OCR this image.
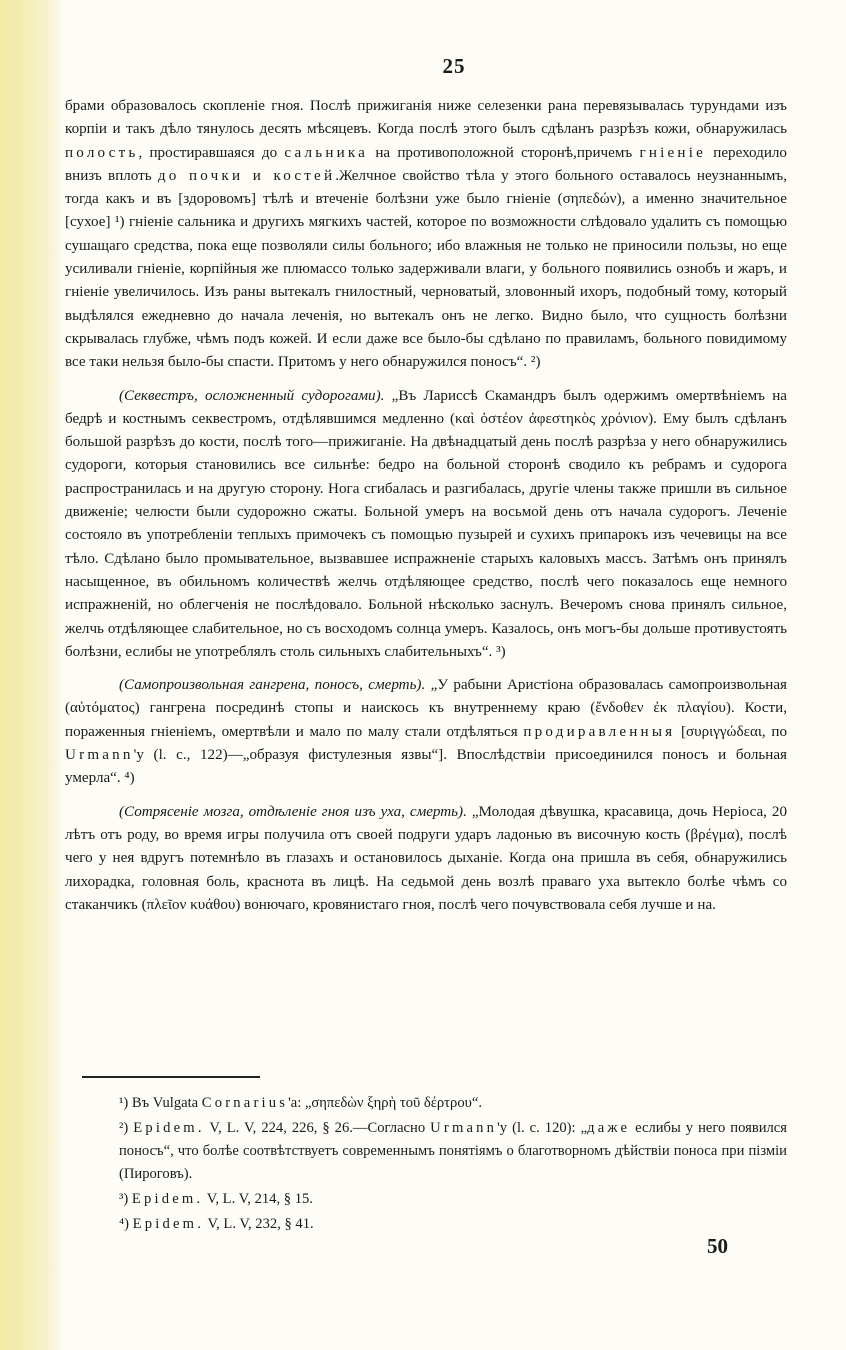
25

брами образовалось скопленіе гноя. Послѣ прижиганія ниже селезенки рана перевязывалась турундами изъ корпіи и такъ дѣло тянулось десять мѣсяцевъ. Когда послѣ этого былъ сдѣланъ разрѣзъ кожи, обнаружилась полость, простиравшаяся до сальника на противоположной сторонѣ,причемъ гніеніе переходило внизъ вплоть до почки и костей.Желчное свойство тѣла у этого больного оставалось неузнаннымъ, тогда какъ и въ [здоровомъ] тѣлѣ и втеченіе болѣзни уже было гніеніе (σηπεδών), а именно значительное [сухое] ¹) гніеніе сальника и другихъ мягкихъ частей, которое по возможности слѣдовало удалить съ помощью сушащаго средства, пока еще позволяли силы больного; ибо влажныя не только не приносили пользы, но еще усиливали гніеніе, корпійныя же плюмассо только задерживали влаги, у больного появились ознобъ и жаръ, и гніеніе увеличилось. Изъ раны вытекалъ гнилостный, черноватый, зловонный ихоръ, подобный тому, который выдѣлялся ежедневно до начала леченія, но вытекалъ онъ не легко. Видно было, что сущность болѣзни скрывалась глубже, чѣмъ подъ кожей. И если даже все было-бы сдѣлано по правиламъ, больного повидимому все таки нельзя было-бы спасти. Притомъ у него обнаружился поносъ“. ²)

(Секвестръ, осложненный судорогами). „Въ Лариссѣ Скамандръ былъ одержимъ омертвѣніемъ на бедрѣ и костнымъ секвестромъ, отдѣлявшимся медленно (καὶ ὀστέον ἀφεστηκὸς χρόνιον). Ему былъ сдѣланъ большой разрѣзъ до кости, послѣ того—прижиганіе. На двѣнадцатый день послѣ разрѣза у него обнаружились судороги, которыя становились все сильнѣе: бедро на больной сторонѣ сводило къ ребрамъ и судорога распространилась и на другую сторону. Нога сгибалась и разгибалась, другіе члены также пришли въ сильное движеніе; челюсти были судорожно сжаты. Больной умеръ на восьмой день отъ начала судорогъ. Леченіе состояло въ употребленіи теплыхъ примочекъ съ помощью пузырей и сухихъ припарокъ изъ чечевицы на все тѣло. Сдѣлано было промывательное, вызвавшее испражненіе старыхъ каловыхъ массъ. Затѣмъ онъ принялъ насыщенное, въ обильномъ количествѣ желчь отдѣляющее средство, послѣ чего показалось еще немного испражненій, но облегченія не послѣдовало. Больной нѣсколько заснулъ. Вечеромъ снова принялъ сильное, желчь отдѣляющее слабительное, но съ восходомъ солнца умеръ. Казалось, онъ могъ-бы дольше противустоять болѣзни, еслибы не употреблялъ столь сильныхъ слабительныхъ“. ³)

(Самопроизвольная гангрена, поносъ, смерть). „У рабыни Аристіона образовалась самопроизвольная (αὐτόματος) гангрена посрединѣ стопы и наискось къ внутреннему краю (ἔνδοθεν ἐκ πλαγίου). Кости, пораженныя гніеніемъ, омертвѣли и мало по малу стали отдѣляться продиравленныя [συριγγώδεαι, по Urmann'у (l. c., 122)—„образуя фистулезныя язвы“]. Впослѣдствіи присоединился поносъ и больная умерла“. ⁴)

(Сотрясеніе мозга, отдѣленіе гноя изъ уха, смерть). „Молодая дѣвушка, красавица, дочь Неріоса, 20 лѣтъ отъ роду, во время игры получила отъ своей подруги ударъ ладонью въ височную кость (βρέγμα), послѣ чего у нея вдругъ потемнѣло въ глазахъ и остановилось дыханіе. Когда она пришла въ себя, обнаружились лихорадка, головная боль, краснота въ лицѣ. На седьмой день возлѣ праваго уха вытекло болѣе чѣмъ со стаканчикъ (πλεῖον κυάθου) вонючаго, кровянистаго гноя, послѣ чего почувствовала себя лучше и на.

¹) Въ Vulgata Cornarius'а: „σηπεδὼν ξηρὴ τοῦ δέρτρου“.
²) Epidem. V, L. V, 224, 226, § 26.—Согласно Urmann'у (l. c. 120): „даже еслибы у него появился поносъ“, что болѣе соотвѣтствуетъ современнымъ понятіямъ о благотворномъ дѣйствіи поноса при пізміи (Пироговъ).
³) Epidem. V, L. V, 214, § 15.
⁴) Epidem. V, L. V, 232, § 41.
50
